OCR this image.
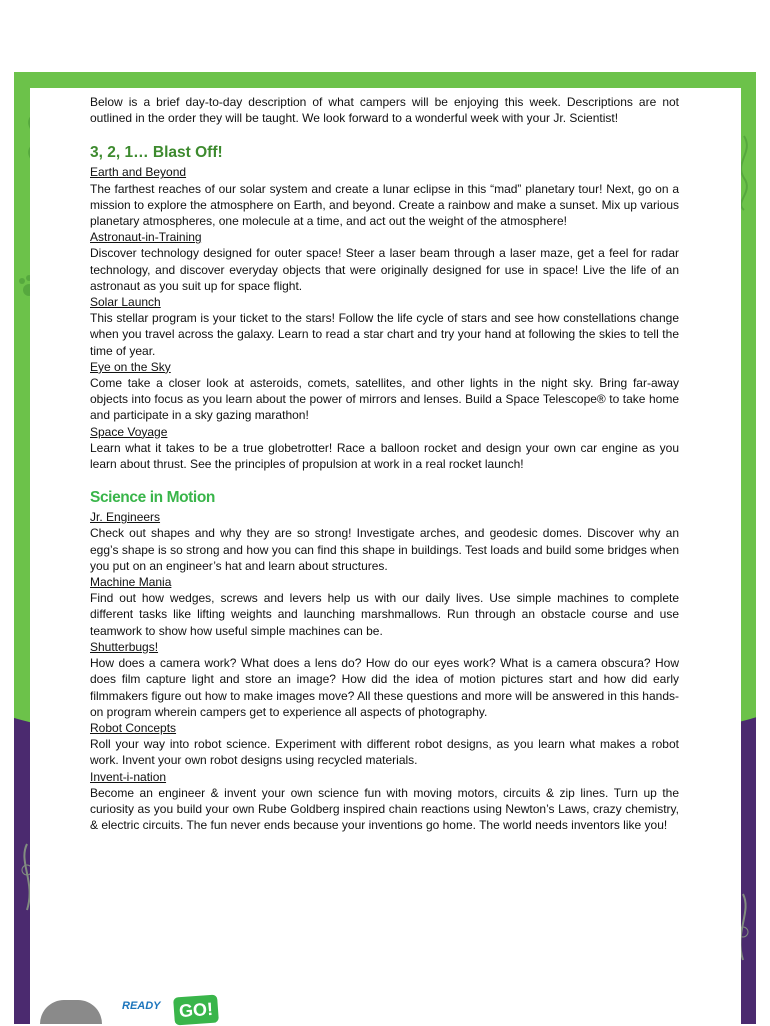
Below is a brief day-to-day description of what campers will be enjoying this week. Descriptions are not outlined in the order they will be taught. We look forward to a wonderful week with your Jr. Scientist!

3, 2, 1… Blast Off!
Earth and Beyond

The farthest reaches of our solar system and create a lunar eclipse in this “mad” planetary tour! Next, go on a mission to explore the atmosphere on Earth, and beyond. Create a rainbow and make a sunset. Mix up various planetary atmospheres, one molecule at a time, and act out the weight of the atmosphere!

Astronaut-in-Training

Discover technology designed for outer space! Steer a laser beam through a laser maze, get a feel for radar technology, and discover everyday objects that were originally designed for use in space! Live the life of an astronaut as you suit up for space flight.

Solar Launch

This stellar program is your ticket to the stars! Follow the life cycle of stars and see how constellations change when you travel across the galaxy. Learn to read a star chart and try your hand at following the skies to tell the time of year.

Eye on the Sky

Come take a closer look at asteroids, comets, satellites, and other lights in the night sky. Bring far-away objects into focus as you learn about the power of mirrors and lenses. Build a Space Telescope® to take home and participate in a sky gazing marathon!

Space Voyage

Learn what it takes to be a true globetrotter! Race a balloon rocket and design your own car engine as you learn about thrust. See the principles of propulsion at work in a real rocket launch!

Science in Motion
Jr. Engineers

Check out shapes and why they are so strong! Investigate arches, and geodesic domes. Discover why an egg’s shape is so strong and how you can find this shape in buildings. Test loads and build some bridges when you put on an engineer’s hat and learn about structures.

Machine Mania

Find out how wedges, screws and levers help us with our daily lives. Use simple machines to complete different tasks like lifting weights and launching marshmallows. Run through an obstacle course and use teamwork to show how useful simple machines can be.

Shutterbugs!

How does a camera work? What does a lens do? How do our eyes work? What is a camera obscura? How does film capture light and store an image? How did the idea of motion pictures start and how did early filmmakers figure out how to make images move? All these questions and more will be answered in this hands-on program wherein campers get to experience all aspects of photography.

Robot Concepts

Roll your way into robot science. Experiment with different robot designs, as you learn what makes a robot work. Invent your own robot designs using recycled materials.

Invent-i-nation

Become an engineer & invent your own science fun with moving motors, circuits & zip lines. Turn up the curiosity as you build your own Rube Goldberg inspired chain reactions using Newton’s Laws, crazy chemistry, & electric circuits. The fun never ends because your inventions go home. The world needs inventors like you!

READY GO!
